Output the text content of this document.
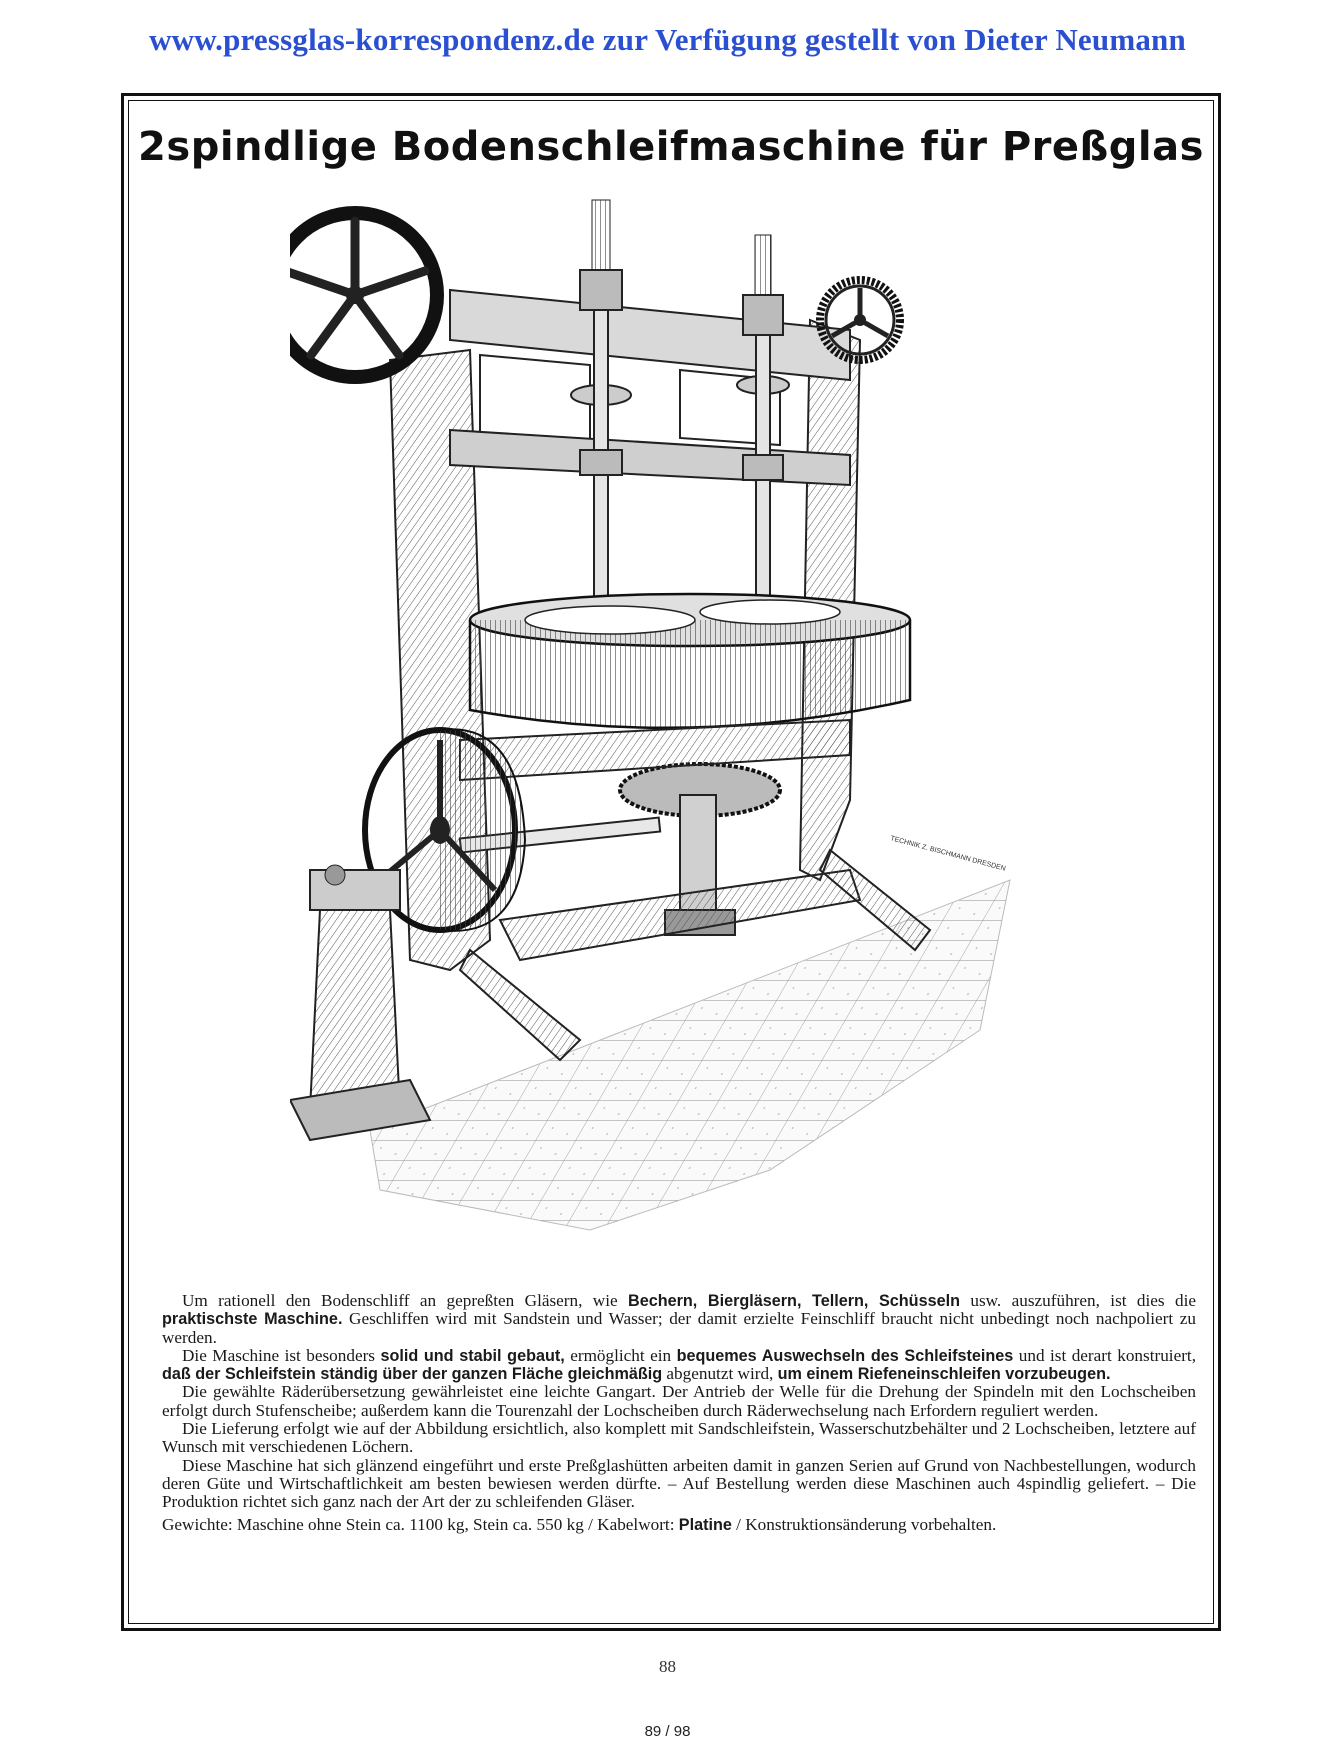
www.pressglas-korrespondenz.de zur Verfügung gestellt von Dieter Neumann
2spindlige Bodenschleifmaschine für Preßglas
TECHNIK Z. BISCHMANN DRESDEN

Um rationell den Bodenschliff an gepreßten Gläsern, wie Bechern, Biergläsern, Tellern, Schüsseln usw. auszuführen, ist dies die praktischste Maschine. Geschliffen wird mit Sandstein und Wasser; der damit erzielte Feinschliff braucht nicht unbedingt noch nachpoliert zu werden.

Die Maschine ist besonders solid und stabil gebaut, ermöglicht ein bequemes Auswechseln des Schleifsteines und ist derart konstruiert, daß der Schleifstein ständig über der ganzen Fläche gleichmäßig abgenutzt wird, um einem Riefeneinschleifen vorzubeugen.

Die gewählte Räderübersetzung gewährleistet eine leichte Gangart. Der Antrieb der Welle für die Drehung der Spindeln mit den Lochscheiben erfolgt durch Stufenscheibe; außerdem kann die Tourenzahl der Lochscheiben durch Räderwechselung nach Erfordern reguliert werden.

Die Lieferung erfolgt wie auf der Abbildung ersichtlich, also komplett mit Sandschleifstein, Wasserschutzbehälter und 2 Lochscheiben, letztere auf Wunsch mit verschiedenen Löchern.

Diese Maschine hat sich glänzend eingeführt und erste Preßglashütten arbeiten damit in ganzen Serien auf Grund von Nachbestellungen, wodurch deren Güte und Wirtschaftlichkeit am besten bewiesen werden dürfte. – Auf Bestellung werden diese Maschinen auch 4spindlig geliefert. – Die Produktion richtet sich ganz nach der Art der zu schleifenden Gläser.

Gewichte: Maschine ohne Stein ca. 1100 kg, Stein ca. 550 kg / Kabelwort: Platine / Konstruktionsänderung vorbehalten.

88
89 / 98
